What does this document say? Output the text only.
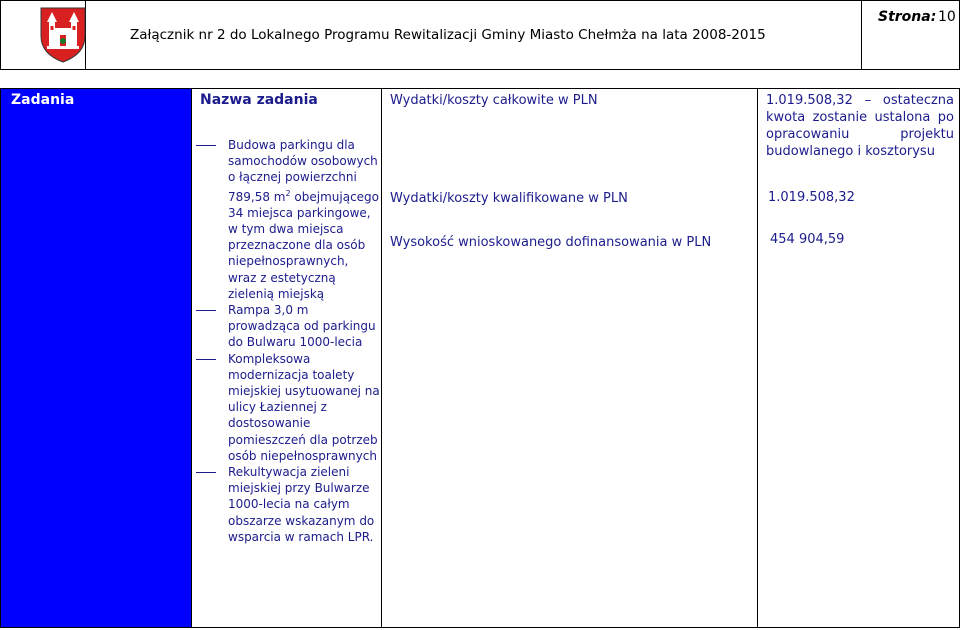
Załącznik nr 2 do Lokalnego Programu Rewitalizacji Gminy Miasto Chełmża na lata 2008-2015
Strona: 10
Zadania	Nazwa zadania
Budowa parkingu dla samochodów osobowych o łącznej powierzchni 789,58 $m^2$ obejmującego 34 miejsca parkingowe, w tym dwa miejsca przeznaczone dla osób niepełnosprawnych, wraz z estetyczną zielenią miejską
Rampa 3,0 m prowadząca od parkingu do Bulwaru 1000-lecia
Kompleksowa modernizacja toalety miejskiej usytuowanej na ulicy Łaziennej z dostosowanie pomieszczeń dla potrzeb osób niepełnosprawnych
Rekultywacja zieleni miejskiej przy Bulwarze 1000-lecia na całym obszarze wskazanym do wsparcia w ramach LPR.
Wydatki/koszty całkowite w PLN
Wydatki/koszty kwalifikowane w PLN
Wysokość wnioskowanego dofinansowania w PLN
1.019.508,32 – ostateczna kwota zostanie ustalona po opracowaniu projektu budowlanego i kosztorysu
1.019.508,32
454 904,59
